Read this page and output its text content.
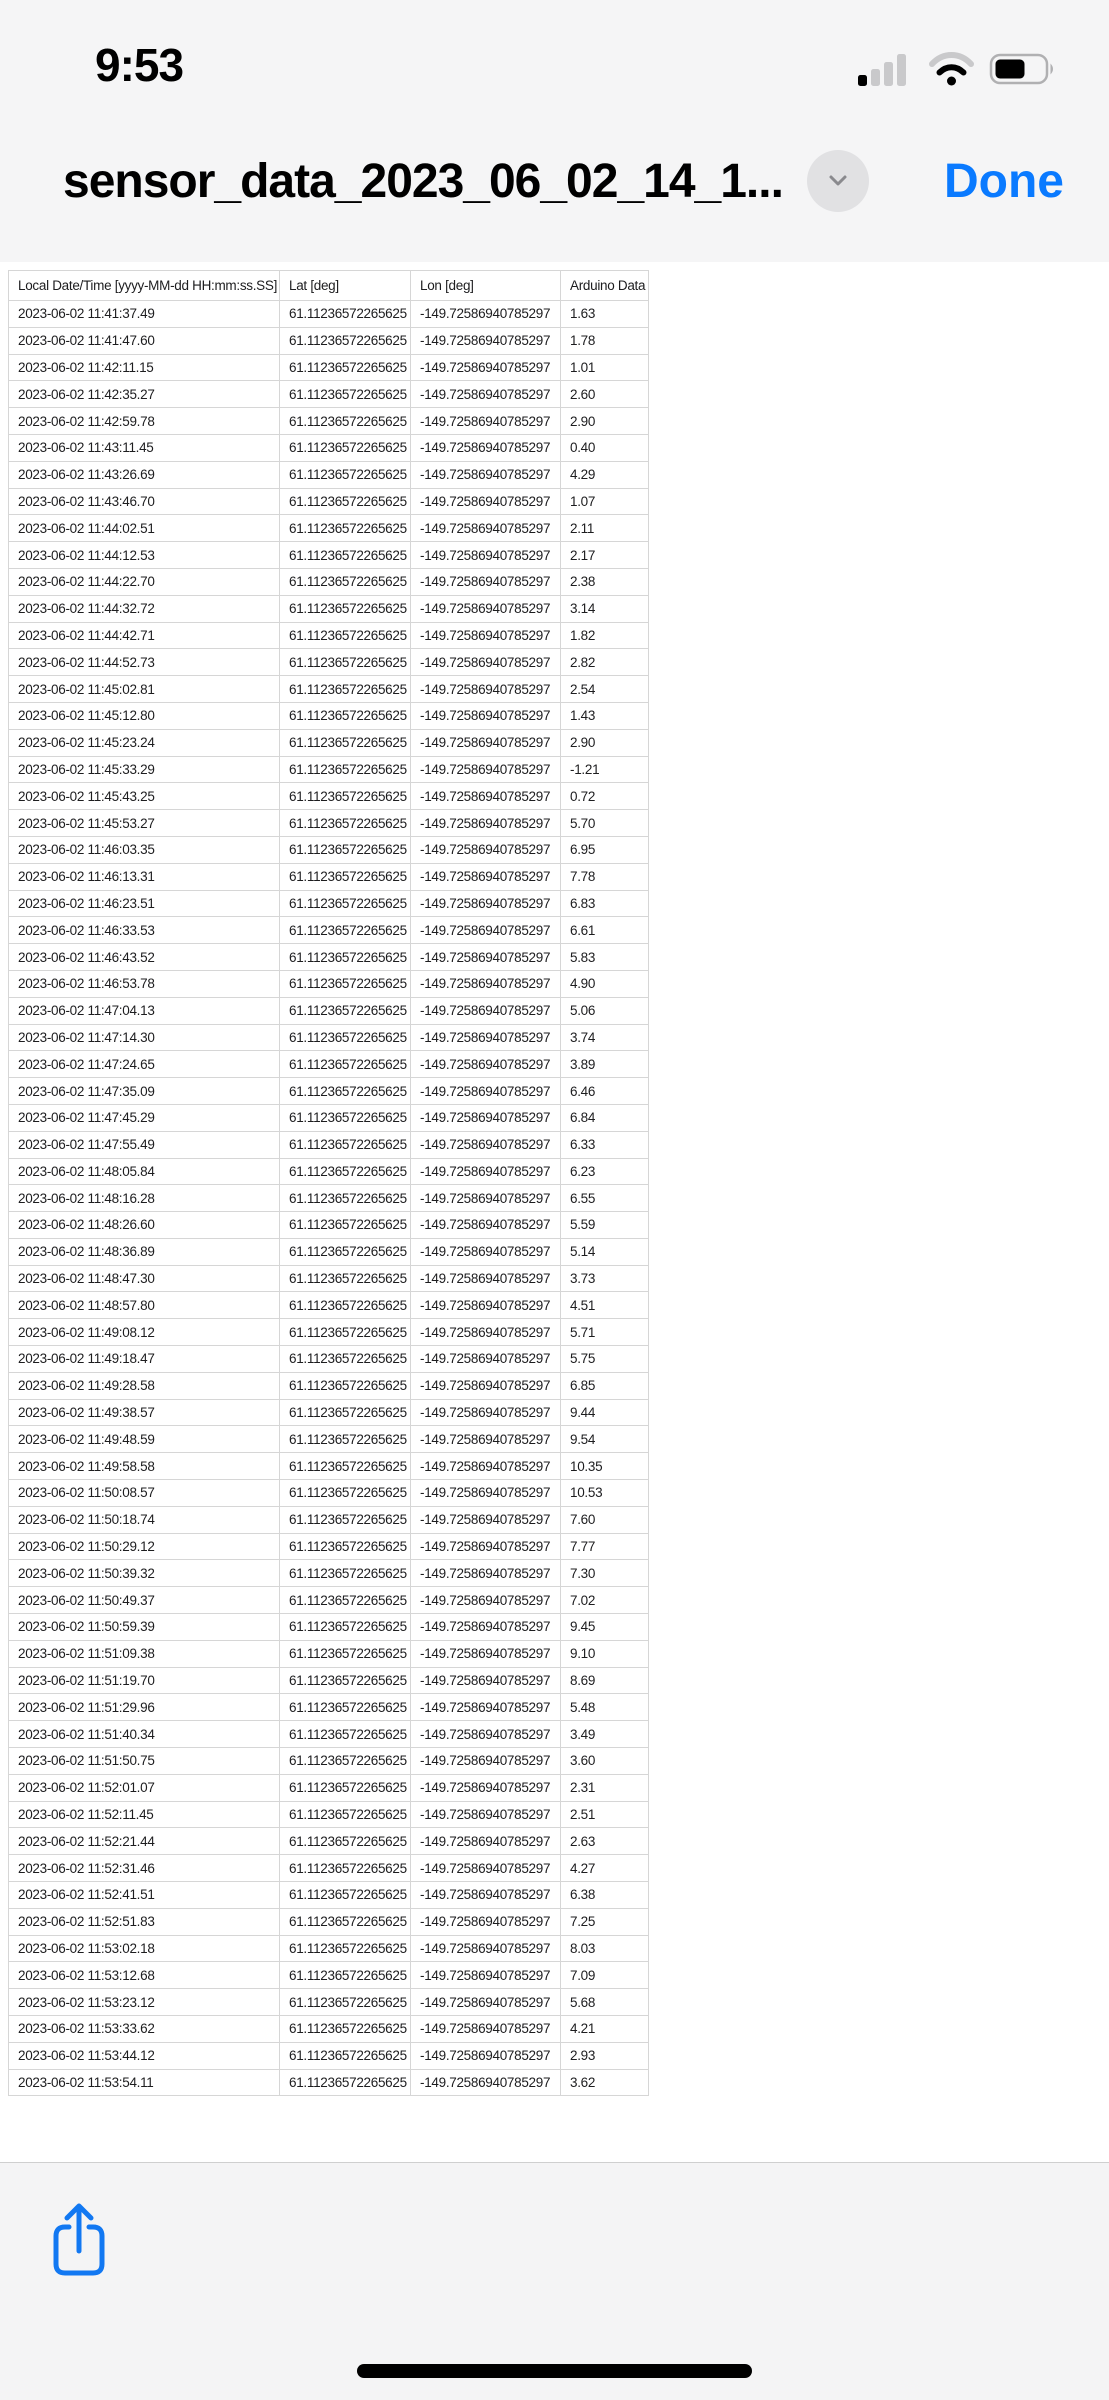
9:53
sensor_data_2023_06_02_14_1...	Done
Local Date/Time [yyyy-MM-dd HH:mm:ss.SS]	Lat [deg]	Lon [deg]	Arduino Data
2023-06-02 11:41:37.49	61.11236572265625	-149.72586940785297	1.63
2023-06-02 11:41:47.60	61.11236572265625	-149.72586940785297	1.78
2023-06-02 11:42:11.15	61.11236572265625	-149.72586940785297	1.01
2023-06-02 11:42:35.27	61.11236572265625	-149.72586940785297	2.60
2023-06-02 11:42:59.78	61.11236572265625	-149.72586940785297	2.90
2023-06-02 11:43:11.45	61.11236572265625	-149.72586940785297	0.40
2023-06-02 11:43:26.69	61.11236572265625	-149.72586940785297	4.29
2023-06-02 11:43:46.70	61.11236572265625	-149.72586940785297	1.07
2023-06-02 11:44:02.51	61.11236572265625	-149.72586940785297	2.11
2023-06-02 11:44:12.53	61.11236572265625	-149.72586940785297	2.17
2023-06-02 11:44:22.70	61.11236572265625	-149.72586940785297	2.38
2023-06-02 11:44:32.72	61.11236572265625	-149.72586940785297	3.14
2023-06-02 11:44:42.71	61.11236572265625	-149.72586940785297	1.82
2023-06-02 11:44:52.73	61.11236572265625	-149.72586940785297	2.82
2023-06-02 11:45:02.81	61.11236572265625	-149.72586940785297	2.54
2023-06-02 11:45:12.80	61.11236572265625	-149.72586940785297	1.43
2023-06-02 11:45:23.24	61.11236572265625	-149.72586940785297	2.90
2023-06-02 11:45:33.29	61.11236572265625	-149.72586940785297	-1.21
2023-06-02 11:45:43.25	61.11236572265625	-149.72586940785297	0.72
2023-06-02 11:45:53.27	61.11236572265625	-149.72586940785297	5.70
2023-06-02 11:46:03.35	61.11236572265625	-149.72586940785297	6.95
2023-06-02 11:46:13.31	61.11236572265625	-149.72586940785297	7.78
2023-06-02 11:46:23.51	61.11236572265625	-149.72586940785297	6.83
2023-06-02 11:46:33.53	61.11236572265625	-149.72586940785297	6.61
2023-06-02 11:46:43.52	61.11236572265625	-149.72586940785297	5.83
2023-06-02 11:46:53.78	61.11236572265625	-149.72586940785297	4.90
2023-06-02 11:47:04.13	61.11236572265625	-149.72586940785297	5.06
2023-06-02 11:47:14.30	61.11236572265625	-149.72586940785297	3.74
2023-06-02 11:47:24.65	61.11236572265625	-149.72586940785297	3.89
2023-06-02 11:47:35.09	61.11236572265625	-149.72586940785297	6.46
2023-06-02 11:47:45.29	61.11236572265625	-149.72586940785297	6.84
2023-06-02 11:47:55.49	61.11236572265625	-149.72586940785297	6.33
2023-06-02 11:48:05.84	61.11236572265625	-149.72586940785297	6.23
2023-06-02 11:48:16.28	61.11236572265625	-149.72586940785297	6.55
2023-06-02 11:48:26.60	61.11236572265625	-149.72586940785297	5.59
2023-06-02 11:48:36.89	61.11236572265625	-149.72586940785297	5.14
2023-06-02 11:48:47.30	61.11236572265625	-149.72586940785297	3.73
2023-06-02 11:48:57.80	61.11236572265625	-149.72586940785297	4.51
2023-06-02 11:49:08.12	61.11236572265625	-149.72586940785297	5.71
2023-06-02 11:49:18.47	61.11236572265625	-149.72586940785297	5.75
2023-06-02 11:49:28.58	61.11236572265625	-149.72586940785297	6.85
2023-06-02 11:49:38.57	61.11236572265625	-149.72586940785297	9.44
2023-06-02 11:49:48.59	61.11236572265625	-149.72586940785297	9.54
2023-06-02 11:49:58.58	61.11236572265625	-149.72586940785297	10.35
2023-06-02 11:50:08.57	61.11236572265625	-149.72586940785297	10.53
2023-06-02 11:50:18.74	61.11236572265625	-149.72586940785297	7.60
2023-06-02 11:50:29.12	61.11236572265625	-149.72586940785297	7.77
2023-06-02 11:50:39.32	61.11236572265625	-149.72586940785297	7.30
2023-06-02 11:50:49.37	61.11236572265625	-149.72586940785297	7.02
2023-06-02 11:50:59.39	61.11236572265625	-149.72586940785297	9.45
2023-06-02 11:51:09.38	61.11236572265625	-149.72586940785297	9.10
2023-06-02 11:51:19.70	61.11236572265625	-149.72586940785297	8.69
2023-06-02 11:51:29.96	61.11236572265625	-149.72586940785297	5.48
2023-06-02 11:51:40.34	61.11236572265625	-149.72586940785297	3.49
2023-06-02 11:51:50.75	61.11236572265625	-149.72586940785297	3.60
2023-06-02 11:52:01.07	61.11236572265625	-149.72586940785297	2.31
2023-06-02 11:52:11.45	61.11236572265625	-149.72586940785297	2.51
2023-06-02 11:52:21.44	61.11236572265625	-149.72586940785297	2.63
2023-06-02 11:52:31.46	61.11236572265625	-149.72586940785297	4.27
2023-06-02 11:52:41.51	61.11236572265625	-149.72586940785297	6.38
2023-06-02 11:52:51.83	61.11236572265625	-149.72586940785297	7.25
2023-06-02 11:53:02.18	61.11236572265625	-149.72586940785297	8.03
2023-06-02 11:53:12.68	61.11236572265625	-149.72586940785297	7.09
2023-06-02 11:53:23.12	61.11236572265625	-149.72586940785297	5.68
2023-06-02 11:53:33.62	61.11236572265625	-149.72586940785297	4.21
2023-06-02 11:53:44.12	61.11236572265625	-149.72586940785297	2.93
2023-06-02 11:53:54.11	61.11236572265625	-149.72586940785297	3.62
